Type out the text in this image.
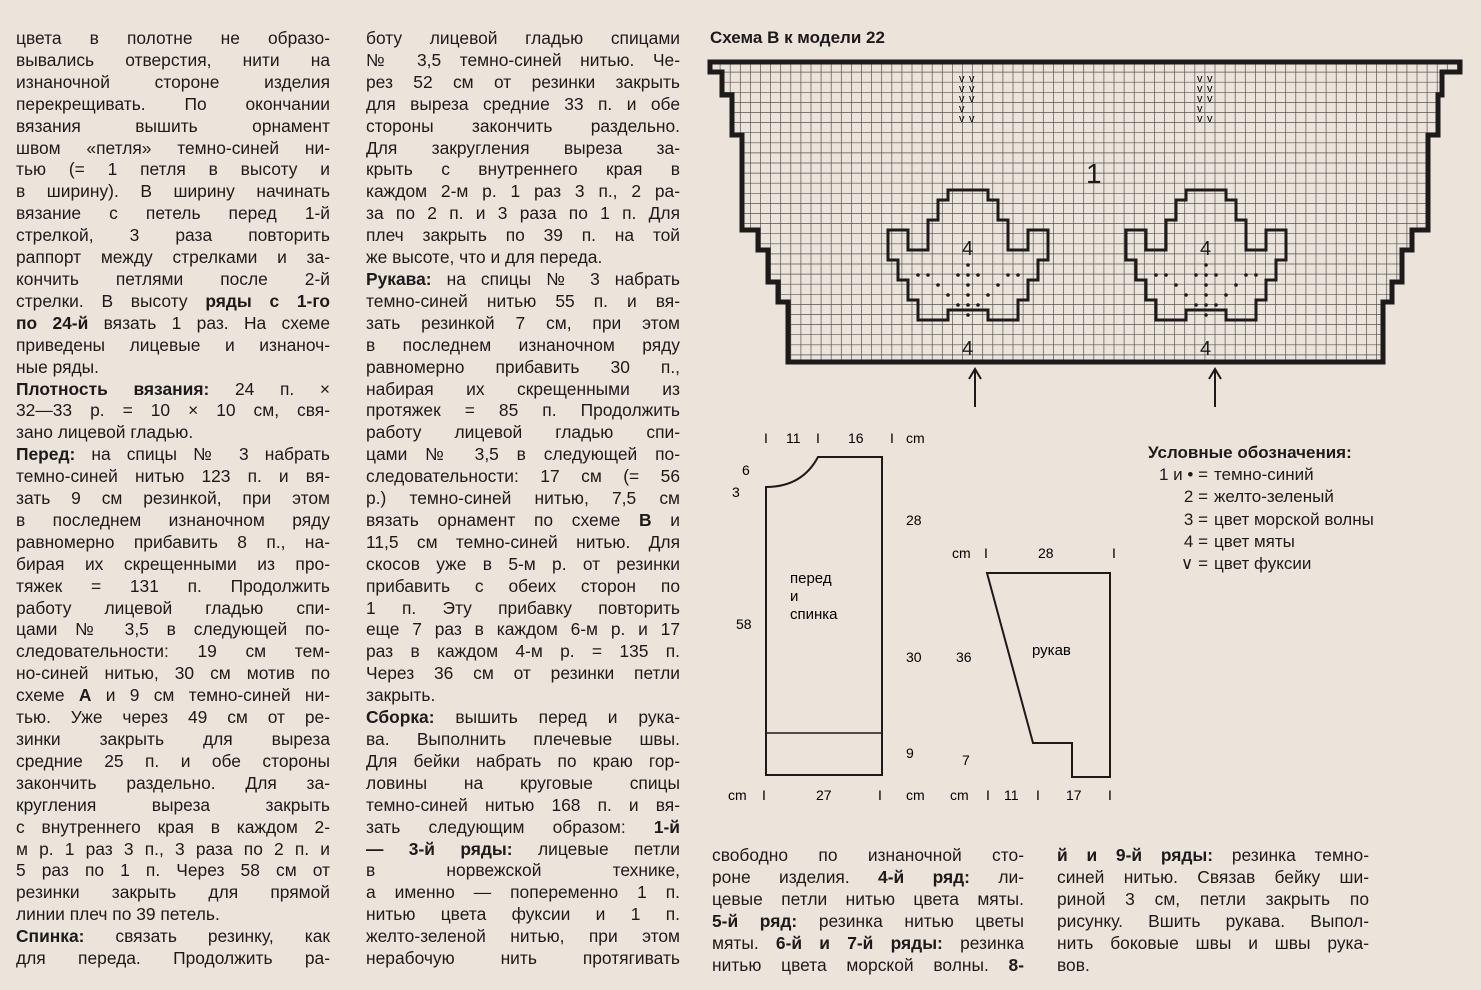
цвета в полотне не образо-

вывались отверстия, нити на

изнаночной стороне изделия

перекрещивать. По окончании

вязания вышить орнамент

швом «петля» темно-синей ни-

тью (= 1 петля в высоту и

в ширину). В ширину начинать

вязание с петель перед 1-й

стрелкой, 3 раза повторить

раппорт между стрелками и за-

кончить петлями после 2-й

стрелки. В высоту ряды с 1-го

по 24-й вязать 1 раз. На схеме

приведены лицевые и изнаноч-

ные ряды.

Плотность вязания: 24 п. ×

32—33 р. = 10 × 10 см, свя-

зано лицевой гладью.

Перед: на спицы № 3 набрать

темно-синей нитью 123 п. и вя-

зать 9 см резинкой, при этом

в последнем изнаночном ряду

равномерно прибавить 8 п., на-

бирая их скрещенными из про-

тяжек = 131 п. Продолжить

работу лицевой гладью спи-

цами № 3,5 в следующей по-

следовательности: 19 см тем-

но-синей нитью, 30 см мотив по

схеме А и 9 см темно-синей ни-

тью. Уже через 49 см от ре-

зинки закрыть для выреза

средние 25 п. и обе стороны

закончить раздельно. Для за-

кругления выреза закрыть

с внутреннего края в каждом 2-

м р. 1 раз 3 п., 3 раза по 2 п. и

5 раз по 1 п. Через 58 см от

резинки закрыть для прямой

линии плеч по 39 петель.

Спинка: связать резинку, как

для переда. Продолжить ра-

боту лицевой гладью спицами

№ 3,5 темно-синей нитью. Че-

рез 52 см от резинки закрыть

для выреза средние 33 п. и обе

стороны закончить раздельно.

Для закругления выреза за-

крыть с внутреннего края в

каждом 2-м р. 1 раз 3 п., 2 ра-

за по 2 п. и 3 раза по 1 п. Для

плеч закрыть по 39 п. на той

же высоте, что и для переда.

Рукава: на спицы № 3 набрать

темно-синей нитью 55 п. и вя-

зать резинкой 7 см, при этом

в последнем изнаночном ряду

равномерно прибавить 30 п.,

набирая их скрещенными из

протяжек = 85 п. Продолжить

работу лицевой гладью спи-

цами № 3,5 в следующей по-

следовательности: 17 см (= 56

р.) темно-синей нитью, 7,5 см

вязать орнамент по схеме В и

11,5 см темно-синей нитью. Для

скосов уже в 5-м р. от резинки

прибавить с обеих сторон по

1 п. Эту прибавку повторить

еще 7 раз в каждом 6-м р. и 17

раз в каждом 4-м р. = 135 п.

Через 36 см от резинки петли

закрыть.

Сборка: вышить перед и рука-

ва. Выполнить плечевые швы.

Для бейки набрать по краю гор-

ловины на круговые спицы

темно-синей нитью 168 п. и вя-

зать следующим образом: 1-й

— 3-й ряды: лицевые петли

в норвежской технике,

а именно — попеременно 1 п.

нитью цвета фуксии и 1 п.

желто-зеленой нитью, при этом

нерабочую нить протягивать

свободно по изнаночной сто-

роне изделия. 4-й ряд: ли-

цевые петли нитью цвета мяты.

5-й ряд: резинка нитью цветы

мяты. 6-й и 7-й ряды: резинка

нитью цвета морской волны. 8-

й и 9-й ряды: резинка темно-

синей нитью. Связав бейку ши-

риной 3 см, петли закрыть по

рисунку. Вшить рукава. Выпол-

нить боковые швы и швы рука-

вов.

Схема В к модели 22
v v
v v
v v
v
v v
v v
v v
v v
v
v v
1
4
4
4
4
11	16	cm
I	I	I
6
3
58
28
30
9
перед
и
спинка
cm I	27	I cm
cm I	28	I
36	рукав
7
cm I 11 I 17 I
Условные обозначения:
1 и • = темно-синий
2 = желто-зеленый
3 = цвет морской волны
4 = цвет мяты
∨ = цвет фуксии
